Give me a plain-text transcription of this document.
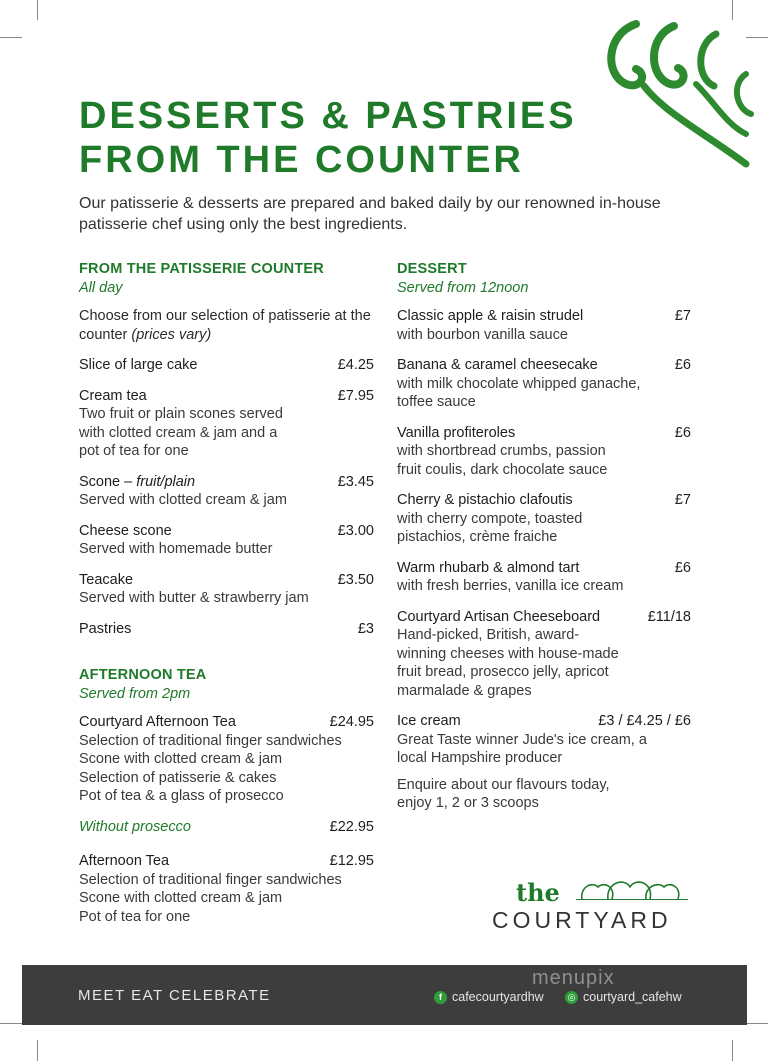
DESSERTS & PASTRIES
FROM THE COUNTER

Our patisserie & desserts are prepared and baked daily by our renowned in-house patisserie chef using only the best ingredients.

FROM THE PATISSERIE COUNTER
All day
Choose from our selection of patisserie at the counter (prices vary)
Slice of large cake	£4.25
Cream tea	£7.95
Two fruit or plain scones served with clotted cream & jam and a pot of tea for one
Scone – fruit/plain	£3.45
Served with clotted cream & jam
Cheese scone	£3.00
Served with homemade butter
Teacake	£3.50
Served with butter & strawberry jam
Pastries	£3
AFTERNOON TEA
Served from 2pm
Courtyard Afternoon Tea	£24.95
Selection of traditional finger sandwiches
Scone with clotted cream & jam
Selection of patisserie & cakes
Pot of tea & a glass of prosecco
Without prosecco	£22.95
Afternoon Tea	£12.95
Selection of traditional finger sandwiches
Scone with clotted cream & jam
Pot of tea for one
DESSERT
Served from 12noon
Classic apple & raisin strudel	£7
with bourbon vanilla sauce
Banana & caramel cheesecake	£6
with milk chocolate whipped ganache, toffee sauce
Vanilla profiteroles	£6
with shortbread crumbs, passion fruit coulis, dark chocolate sauce
Cherry & pistachio clafoutis	£7
with cherry compote, toasted pistachios, crème fraiche
Warm rhubarb & almond tart	£6
with fresh berries, vanilla ice cream
Courtyard Artisan Cheeseboard	£11/18
Hand-picked, British, award-winning cheeses with house-made fruit bread, prosecco jelly, apricot marmalade & grapes
Ice cream	£3 / £4.25 / £6
Great Taste winner Jude's ice cream, a local Hampshire producer
Enquire about our flavours today, enjoy 1, 2 or 3 scoops
the
COURTYARD
MEET EAT CELEBRATE
menupix
f cafecourtyardhw	◎ courtyard_cafehw
